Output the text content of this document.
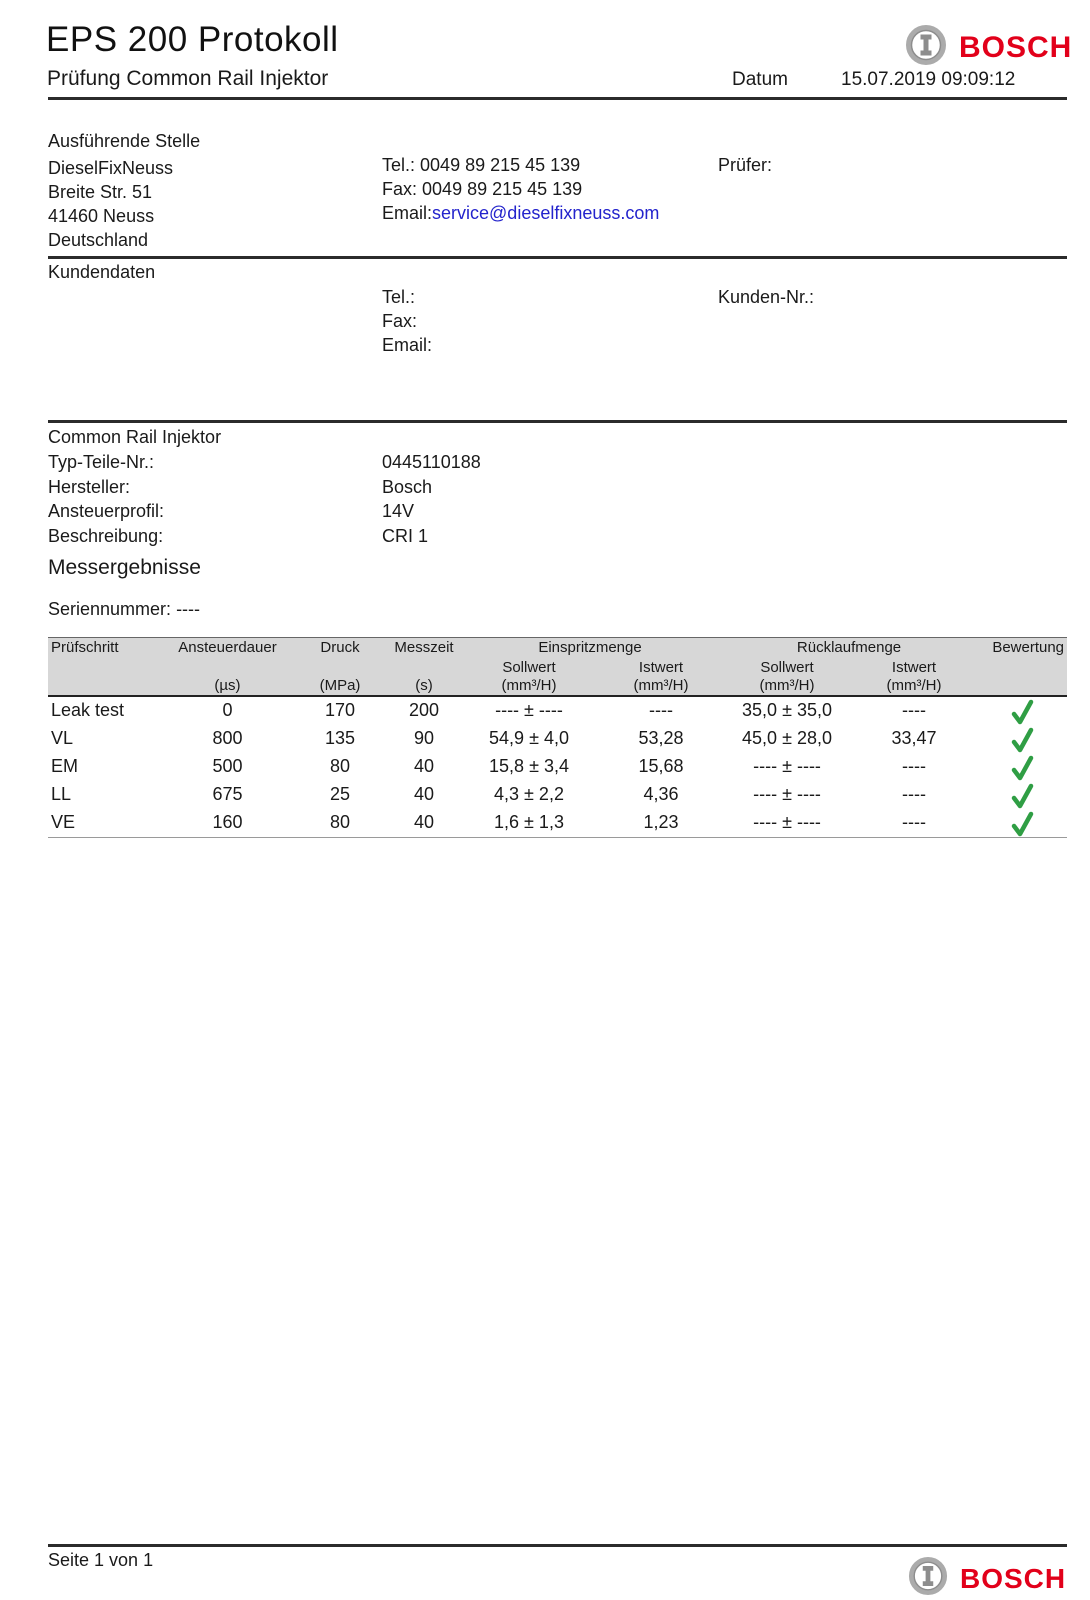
EPS 200 Protokoll	BOSCH
Prüfung Common Rail Injektor	Datum	15.07.2019 09:09:12
Ausführende Stelle
DieselFixNeuss
Breite Str. 51
41460 Neuss
Deutschland
Tel.: 0049 89 215 45 139
Fax: 0049 89 215 45 139
Email:service@dieselfixneuss.com
Prüfer:
Kundendaten
Tel.:
Fax:
Email:
Kunden-Nr.:
Common Rail Injektor
Typ-Teile-Nr.:	0445110188
Hersteller:	Bosch
Ansteuerprofil:	14V
Beschreibung:	CRI 1
Messergebnisse
Seriennummer: ----
Prüfschritt	Ansteuerdauer	Druck	Messzeit	Einspritzmenge		Rücklaufmenge		Bewertung
				Sollwert	Istwert	Sollwert	Istwert	
	(µs)	(MPa)	(s)	(mm³/H)	(mm³/H)	(mm³/H)	(mm³/H)	
Leak test	0	170	200	---- ± ----	----	35,0 ± 35,0	----	

VL	800	135	90	54,9 ± 4,0	53,28	45,0 ± 28,0	33,47	

EM	500	80	40	15,8 ± 3,4	15,68	---- ± ----	----	

LL	675	25	40	4,3 ± 2,2	4,36	---- ± ----	----	

VE	160	80	40	1,6 ± 1,3	1,23	---- ± ----	----	
Seite 1 von 1
BOSCH
